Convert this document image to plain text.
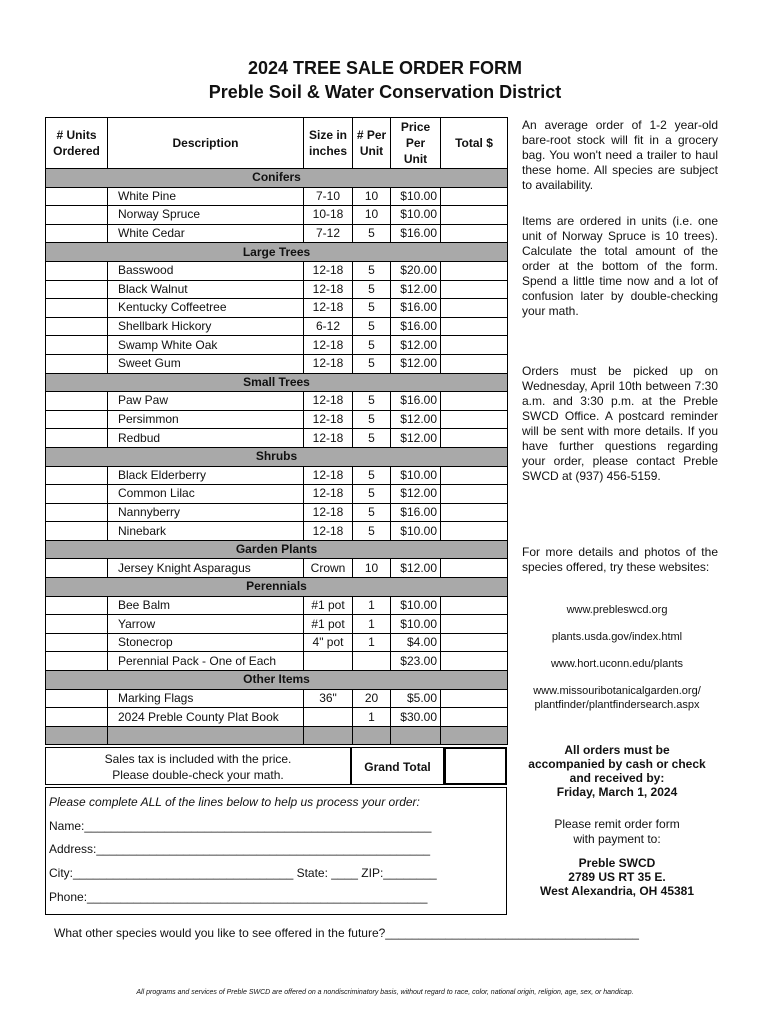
2024 TREE SALE ORDER FORM
Preble Soil & Water Conservation District
# Units Ordered	Description	Size in inches	# Per Unit	Price Per Unit	Total $
Conifers					
	White Pine	7-10	10	$10.00	
	Norway Spruce	10-18	10	$10.00	
	White Cedar	7-12	5	$16.00	
Large Trees					
	Basswood	12-18	5	$20.00	
	Black Walnut	12-18	5	$12.00	
	Kentucky Coffeetree	12-18	5	$16.00	
	Shellbark Hickory	6-12	5	$16.00	
	Swamp White Oak	12-18	5	$12.00	
	Sweet Gum	12-18	5	$12.00	
Small Trees					
	Paw Paw	12-18	5	$16.00	
	Persimmon	12-18	5	$12.00	
	Redbud	12-18	5	$12.00	
Shrubs					
	Black Elderberry	12-18	5	$10.00	
	Common Lilac	12-18	5	$12.00	
	Nannyberry	12-18	5	$16.00	
	Ninebark	12-18	5	$10.00	
Garden Plants					
	Jersey Knight Asparagus	Crown	10	$12.00	
Perennials					
	Bee Balm	#1 pot	1	$10.00	
	Yarrow	#1 pot	1	$10.00	
	Stonecrop	4" pot	1	$4.00	
	Perennial Pack - One of Each			$23.00	
Other Items					
	Marking Flags	36"	20	$5.00	
	2024 Preble County Plat Book		1	$30.00	

Sales tax is included with the price.
Please double-check your math.
Grand Total
Please complete ALL of the lines below to help us process your order:
Name:____________________________________________________
Address:__________________________________________________
City:_________________________________ State: ____ ZIP:________
Phone:___________________________________________________
What other species would you like to see offered in the future?______________________________________
An average order of 1-2 year-old bare-root stock will fit in a grocery bag. You won't need a trailer to haul these home. All species are subject to availability.
Items are ordered in units (i.e. one unit of Norway Spruce is 10 trees). Calculate the total amount of the order at the bottom of the form. Spend a little time now and a lot of confusion later by double-checking your math.
Orders must be picked up on Wednesday, April 10th between 7:30 a.m. and 3:30 p.m. at the Preble SWCD Office. A postcard reminder will be sent with more details. If you have further questions regarding your order, please contact Preble SWCD at (937) 456-5159.
For more details and photos of the species offered, try these websites:
www.prebleswcd.org
plants.usda.gov/index.html
www.hort.uconn.edu/plants
www.missouribotanicalgarden.org/
plantfinder/plantfindersearch.aspx
All orders must be
accompanied by cash or check
and received by:
Friday, March 1, 2024
Please remit order form
with payment to:
Preble SWCD
2789 US RT 35 E.
West Alexandria, OH 45381
All programs and services of Preble SWCD are offered on a nondiscriminatory basis, without regard to race, color, national origin, religion, age, sex, or handicap.
